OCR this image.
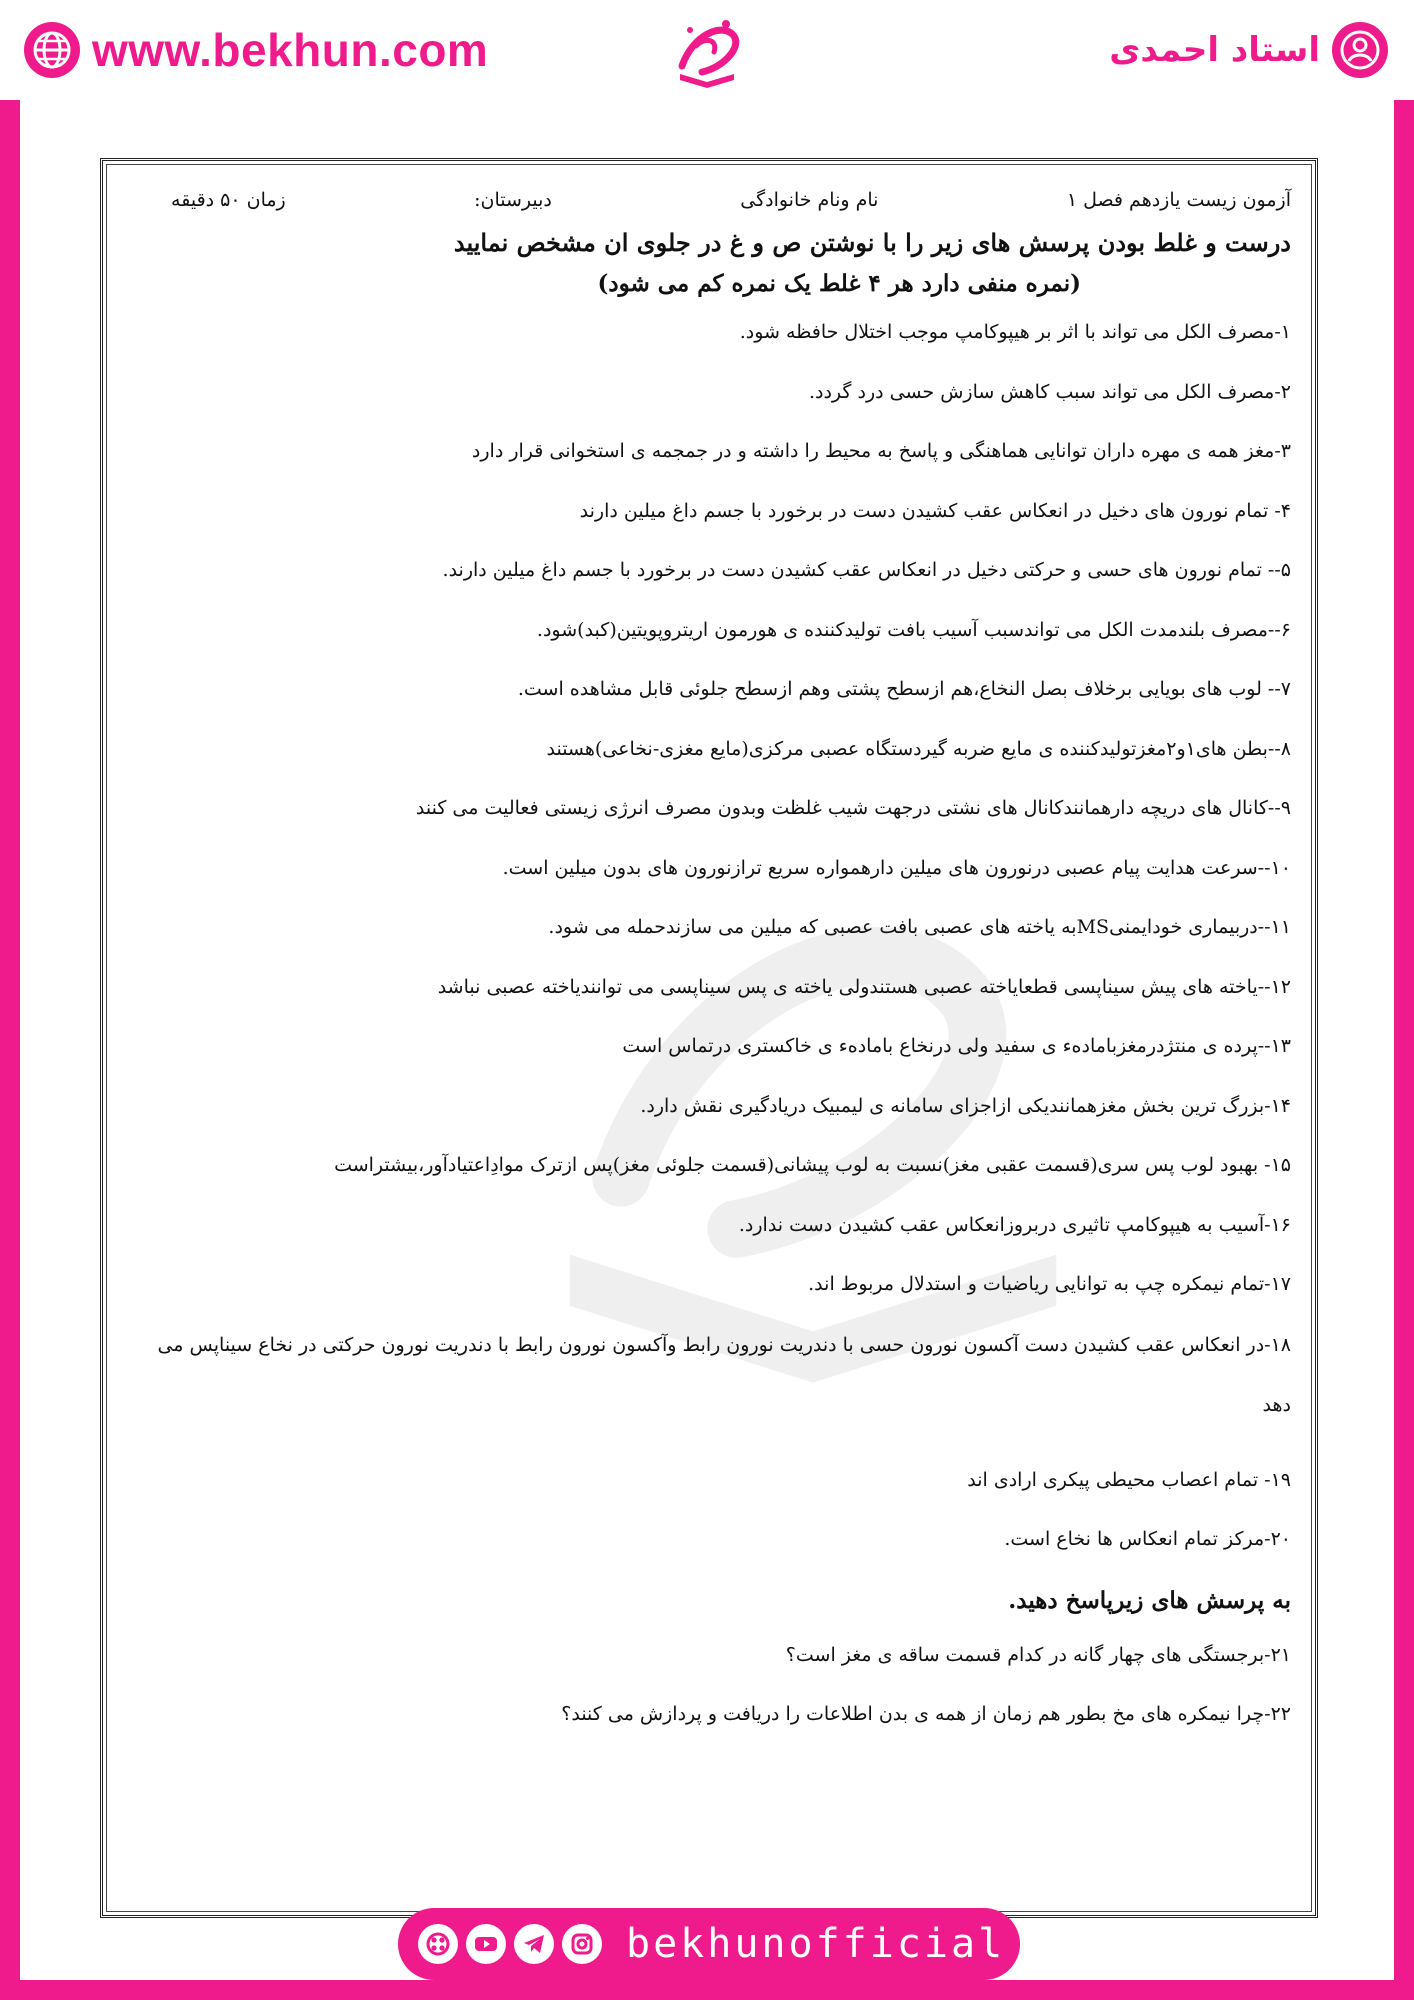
www.bekhun.com	استاد احمدی
آزمون زیست یازدهم فصل ۱
نام ونام خانوادگی
دبیرستان:
زمان ۵۰ دقیقه
درست و غلط بودن پرسش های زیر را با نوشتن ص و غ در جلوی ان مشخص نمایید
(نمره منفی دارد هر ۴ غلط یک نمره کم می شود)
۱-مصرف الکل می تواند با اثر بر هیپوکامپ موجب اختلال حافظه شود.
۲-مصرف الکل می تواند سبب کاهش سازش حسی درد گردد.
۳-مغز همه ی مهره داران توانایی هماهنگی و پاسخ به محیط را داشته و در جمجمه ی استخوانی قرار دارد
۴- تمام نورون های دخیل در انعکاس عقب کشیدن دست در برخورد با جسم داغ میلین دارند
۵-- تمام نورون های حسی و حرکتی دخیل در انعکاس عقب کشیدن دست در برخورد با جسم داغ میلین دارند.
۶--مصرف بلندمدت الکل می تواندسبب آسیب بافت تولیدکننده ی هورمون اریتروپویتین(کبد)شود.
۷-- لوب های بویایی برخلاف بصل النخاع،هم ازسطح پشتی وهم ازسطح جلوئی قابل مشاهده است.
۸--بطن های۱و۲مغزتولیدکننده ی مایع ضربه گیردستگاه عصبی مرکزی(مایع مغزی-نخاعی)هستند
۹--کانال های دریچه دارهمانندکانال های نشتی درجهت شیب غلظت وبدون مصرف انرژی زیستی فعالیت می کنند
۱۰--سرعت هدایت پیام عصبی درنورون های میلین دارهمواره سریع ترازنورون های بدون میلین است.
۱۱--دربیماری خودایمنیMSبه یاخته های عصبی بافت عصبی که میلین می سازندحمله می شود.
۱۲--یاخته های پیش سیناپسی قطعایاخته عصبی هستندولی یاخته ی پس سیناپسی می توانندیاخته عصبی نباشد
۱۳--پرده ی منتژدرمغزبامادهء ی سفید ولی درنخاع بامادهء ی خاکستری درتماس است
۱۴-بزرگ ترین بخش مغزهمانندیکی ازاجزای سامانه ی لیمبیک دریادگیری نقش دارد.
۱۵- بهبود لوب پس سری(قسمت عقبی مغز)نسبت به لوب پیشانی(قسمت جلوئی مغز)پس ازترک موادِاعتیادآور،بیشتراست
۱۶-آسیب به هیپوکامپ تاثیری دربروزانعکاس عقب کشیدن دست ندارد.
۱۷-تمام نیمکره چپ به توانایی ریاضیات و استدلال مربوط اند.
۱۸-در انعکاس عقب کشیدن دست آکسون نورون حسی با دندریت نورون رابط وآکسون نورون رابط با دندریت نورون حرکتی در نخاع سیناپس می دهد
۱۹- تمام اعصاب محیطی پیکری ارادی اند
۲۰-مرکز تمام انعکاس ها نخاع است.
به پرسش های زیرپاسخ دهید.
۲۱-برجستگی های چهار گانه در کدام قسمت ساقه ی مغز است؟
۲۲-چرا نیمکره های مخ بطور هم زمان از همه ی بدن اطلاعات را دریافت و پردازش می کنند؟
bekhunofficial
